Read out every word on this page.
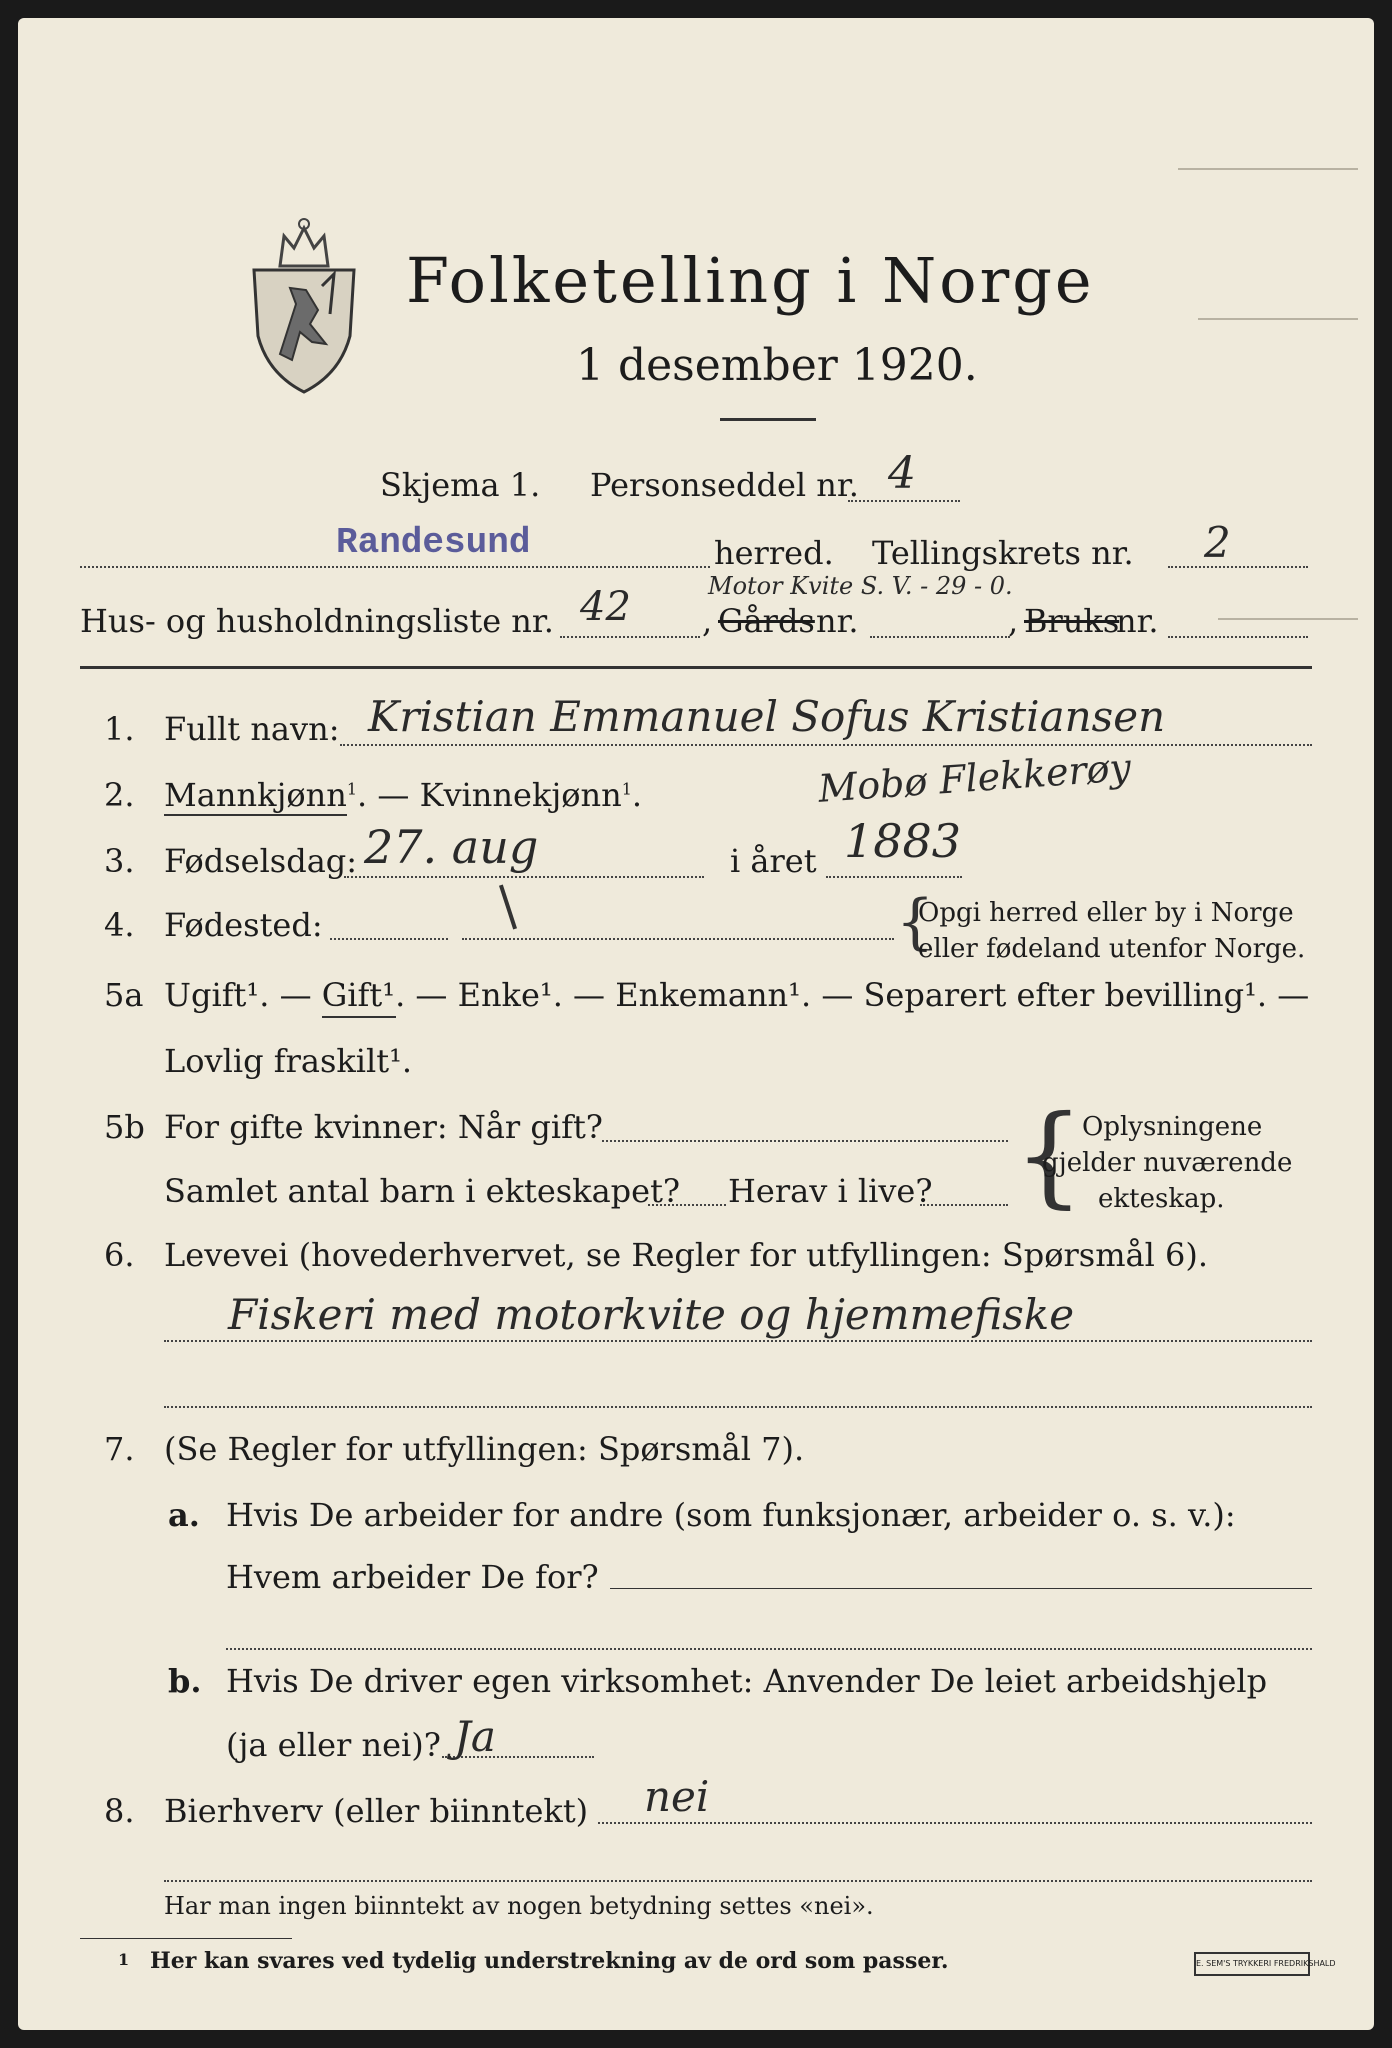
Folketelling i Norge
1 desember 1920.
Skjema 1. Personseddel nr. 4
Randesund	herred. Tellingskrets nr. 2
Motor Kvite S. V. - 29 - 0.
Hus- og husholdningsliste nr. 42 , Gårds nr.	, Bruks
nr.
1. Fullt navn: Kristian Emmanuel Sofus Kristiansen
2. Mannkjønn$^1$. — Kvinnekjønn$^1$.	Mobø Flekkerøy
3. Fødselsdag: 27. aug	i året 1883
4. Fødested:	{
Opgi herred eller by i Norge
eller fødeland utenfor Norge.
5a Ugift¹. — Gift¹. — Enke¹. — Enkemann¹. — Separert efter bevilling¹. —
Lovlig fraskilt¹.
5b For gifte kvinner: Når gift?
Samlet antal barn i ekteskapet? Herav i live? {
Oplysningene
gjelder nuværende
ekteskap.
6. Levevei (hovederhvervet, se Regler for utfyllingen: Spørsmål 6).
Fiskeri med motorkvite og hjemmefiske
7. (Se Regler for utfyllingen: Spørsmål 7).
a. Hvis De arbeider for andre (som funksjonær, arbeider o. s. v.):
Hvem arbeider De for?
b. Hvis De driver egen virksomhet: Anvender De leiet arbeidshjelp
(ja eller nei)? Ja
8. Bierhverv (eller biinntekt) nei
Har man ingen biinntekt av nogen betydning settes «nei».
1 Her kan svares ved tydelig understrekning av de ord som passer.	E. SEM'S TRYKKERI FREDRIKSHALD
